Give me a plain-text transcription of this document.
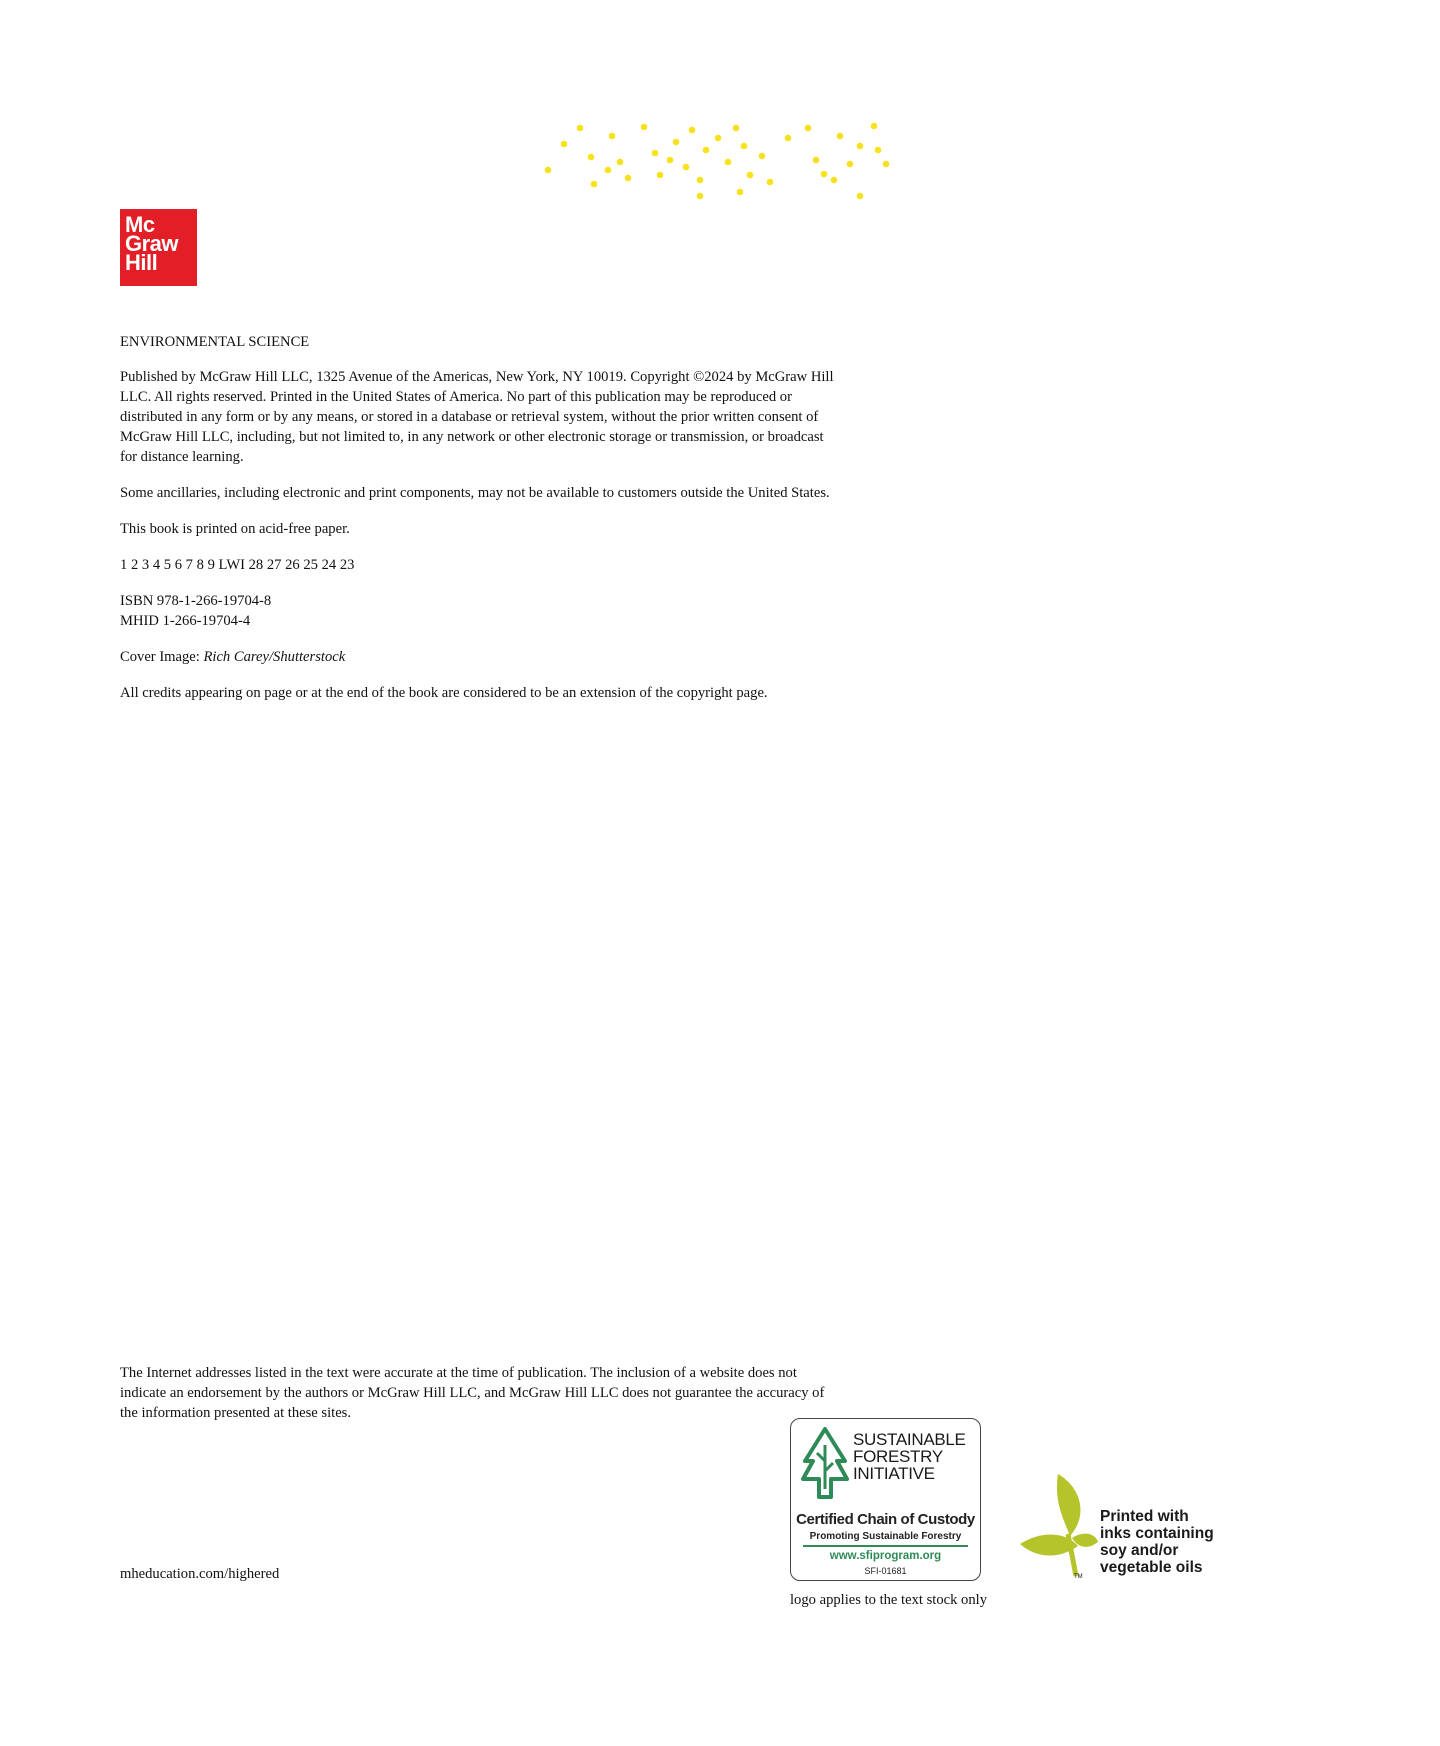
Mc
Graw
Hill

ENVIRONMENTAL SCIENCE

Published by McGraw Hill LLC, 1325 Avenue of the Americas, New York, NY 10019. Copyright ©2024 by McGraw Hill LLC. All rights reserved. Printed in the United States of America. No part of this publication may be reproduced or distributed in any form or by any means, or stored in a database or retrieval system, without the prior written consent of McGraw Hill LLC, including, but not limited to, in any network or other electronic storage or transmission, or broadcast for distance learning.

Some ancillaries, including electronic and print components, may not be available to customers outside the United States.

This book is printed on acid-free paper.

1 2 3 4 5 6 7 8 9 LWI 28 27 26 25 24 23

ISBN 978-1-266-19704-8
MHID 1-266-19704-4

Cover Image: Rich Carey/Shutterstock

All credits appearing on page or at the end of the book are considered to be an extension of the copyright page.

The Internet addresses listed in the text were accurate at the time of publication. The inclusion of a website does not indicate an endorsement by the authors or McGraw Hill LLC, and McGraw Hill LLC does not guarantee the accuracy of the information presented at these sites.
mheducation.com/highered
SUSTAINABLE
FORESTRY
INITIATIVE
Certified Chain of Custody
Promoting Sustainable Forestry
www.sfiprogram.org
SFI-01681
logo applies to the text stock only
Printed with
inks containing
soy and/or
vegetable oils
TM
